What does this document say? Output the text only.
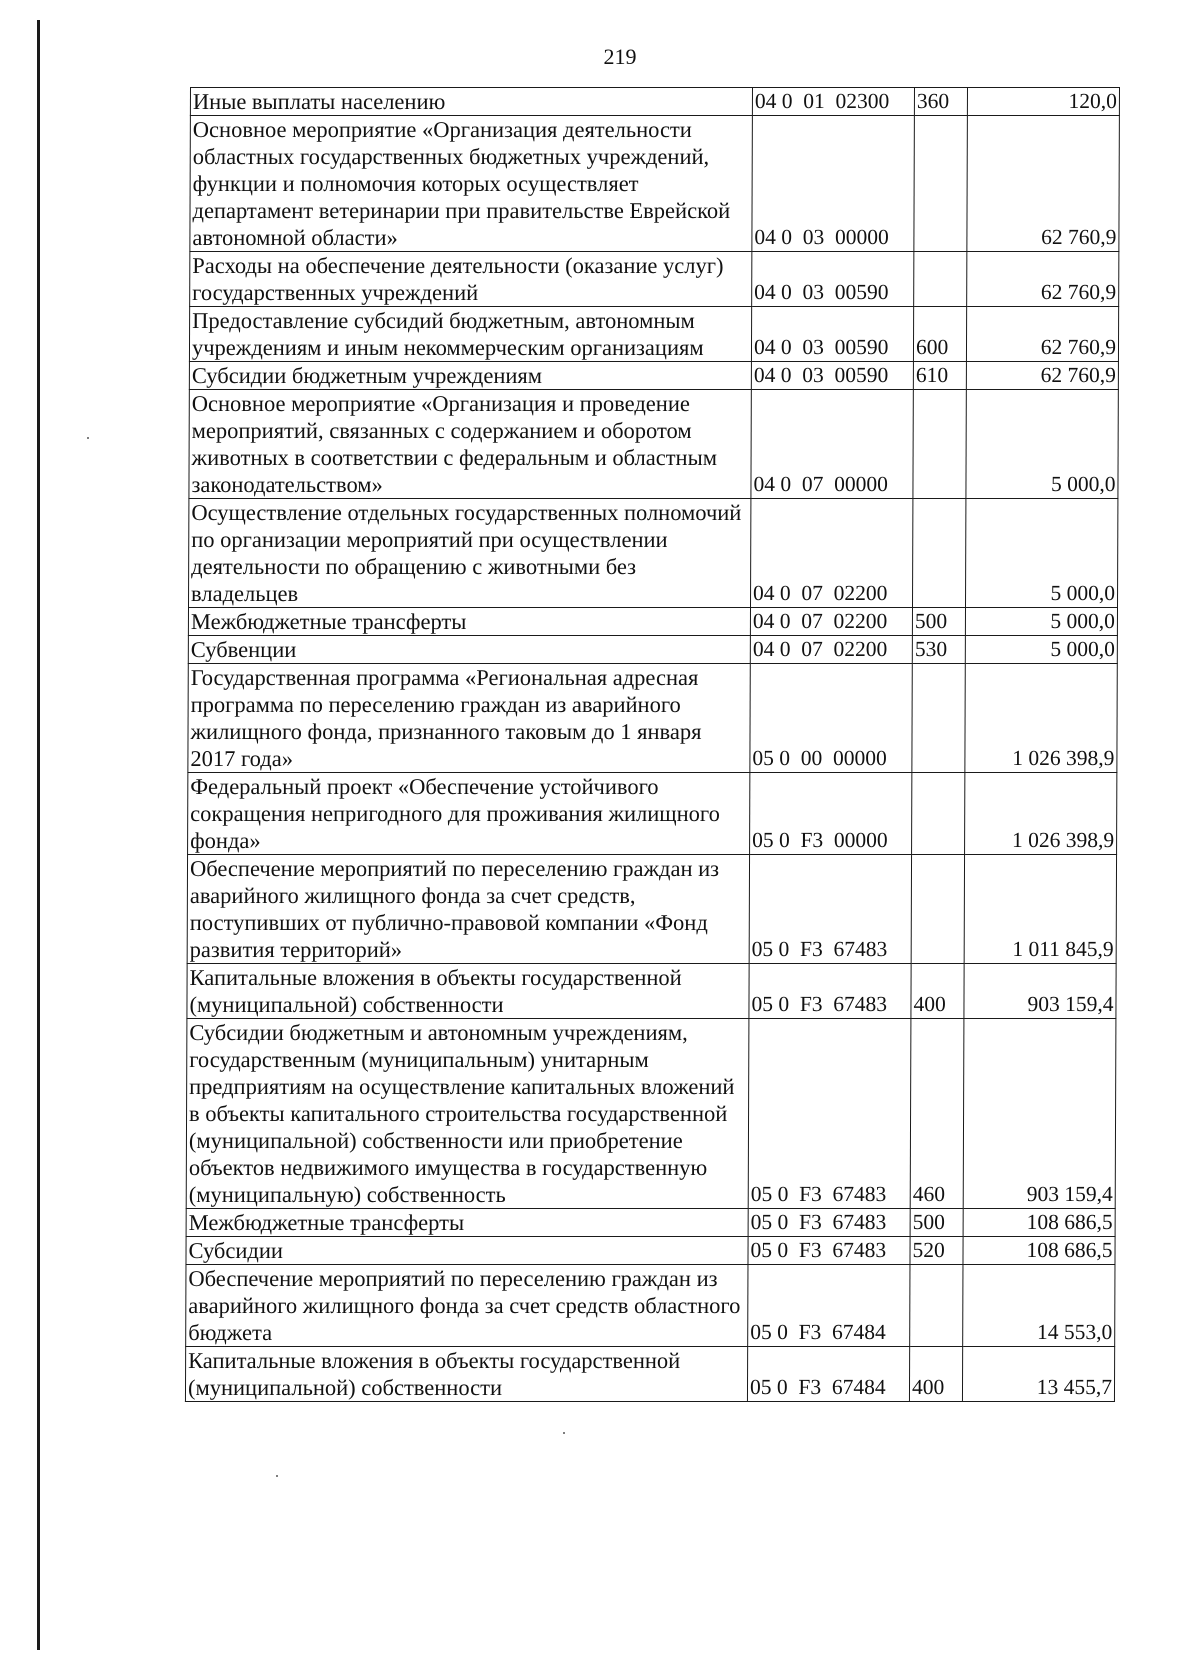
219
Иные выплаты населению	04 0  01  02300	360	120,0
Основное мероприятие «Организация деятельности областных государственных бюджетных учреждений, функции и полномочия которых осуществляет департамент ветеринарии при правительстве Еврейской автономной области»	04 0  03  00000		62 760,9
Расходы на обеспечение деятельности (оказание услуг) государственных учреждений	04 0  03  00590		62 760,9
Предоставление субсидий бюджетным, автономным учреждениям и иным некоммерческим организациям	04 0  03  00590	600	62 760,9
Субсидии бюджетным учреждениям	04 0  03  00590	610	62 760,9
Основное мероприятие «Организация и проведение мероприятий, связанных с содержанием и оборотом животных в соответствии с федеральным и областным законодательством»	04 0  07  00000		5 000,0
Осуществление отдельных государственных полномочий по организации мероприятий при осуществлении деятельности по обращению с животными без владельцев	04 0  07  02200		5 000,0
Межбюджетные трансферты	04 0  07  02200	500	5 000,0
Субвенции	04 0  07  02200	530	5 000,0
Государственная программа «Региональная адресная программа по переселению граждан из аварийного жилищного фонда, признанного таковым до 1 января 2017 года»	05 0  00  00000		1 026 398,9
Федеральный проект «Обеспечение устойчивого сокращения непригодного для проживания жилищного фонда»	05 0  F3  00000		1 026 398,9
Обеспечение мероприятий по переселению граждан из аварийного жилищного фонда за счет средств, поступивших от публично-правовой компании «Фонд развития территорий»	05 0  F3  67483		1 011 845,9
Капитальные вложения в объекты государственной (муниципальной) собственности	05 0  F3  67483	400	903 159,4
Субсидии бюджетным и автономным учреждениям, государственным (муниципальным) унитарным предприятиям на осуществление капитальных вложений в объекты капитального строительства государственной (муниципальной) собственности или приобретение объектов недвижимого имущества в государственную (муниципальную) собственность	05 0  F3  67483	460	903 159,4
Межбюджетные трансферты	05 0  F3  67483	500	108 686,5
Субсидии	05 0  F3  67483	520	108 686,5
Обеспечение мероприятий по переселению граждан из аварийного жилищного фонда за счет средств областного бюджета	05 0  F3  67484		14 553,0
Капитальные вложения в объекты государственной (муниципальной) собственности	05 0  F3  67484	400	13 455,7
